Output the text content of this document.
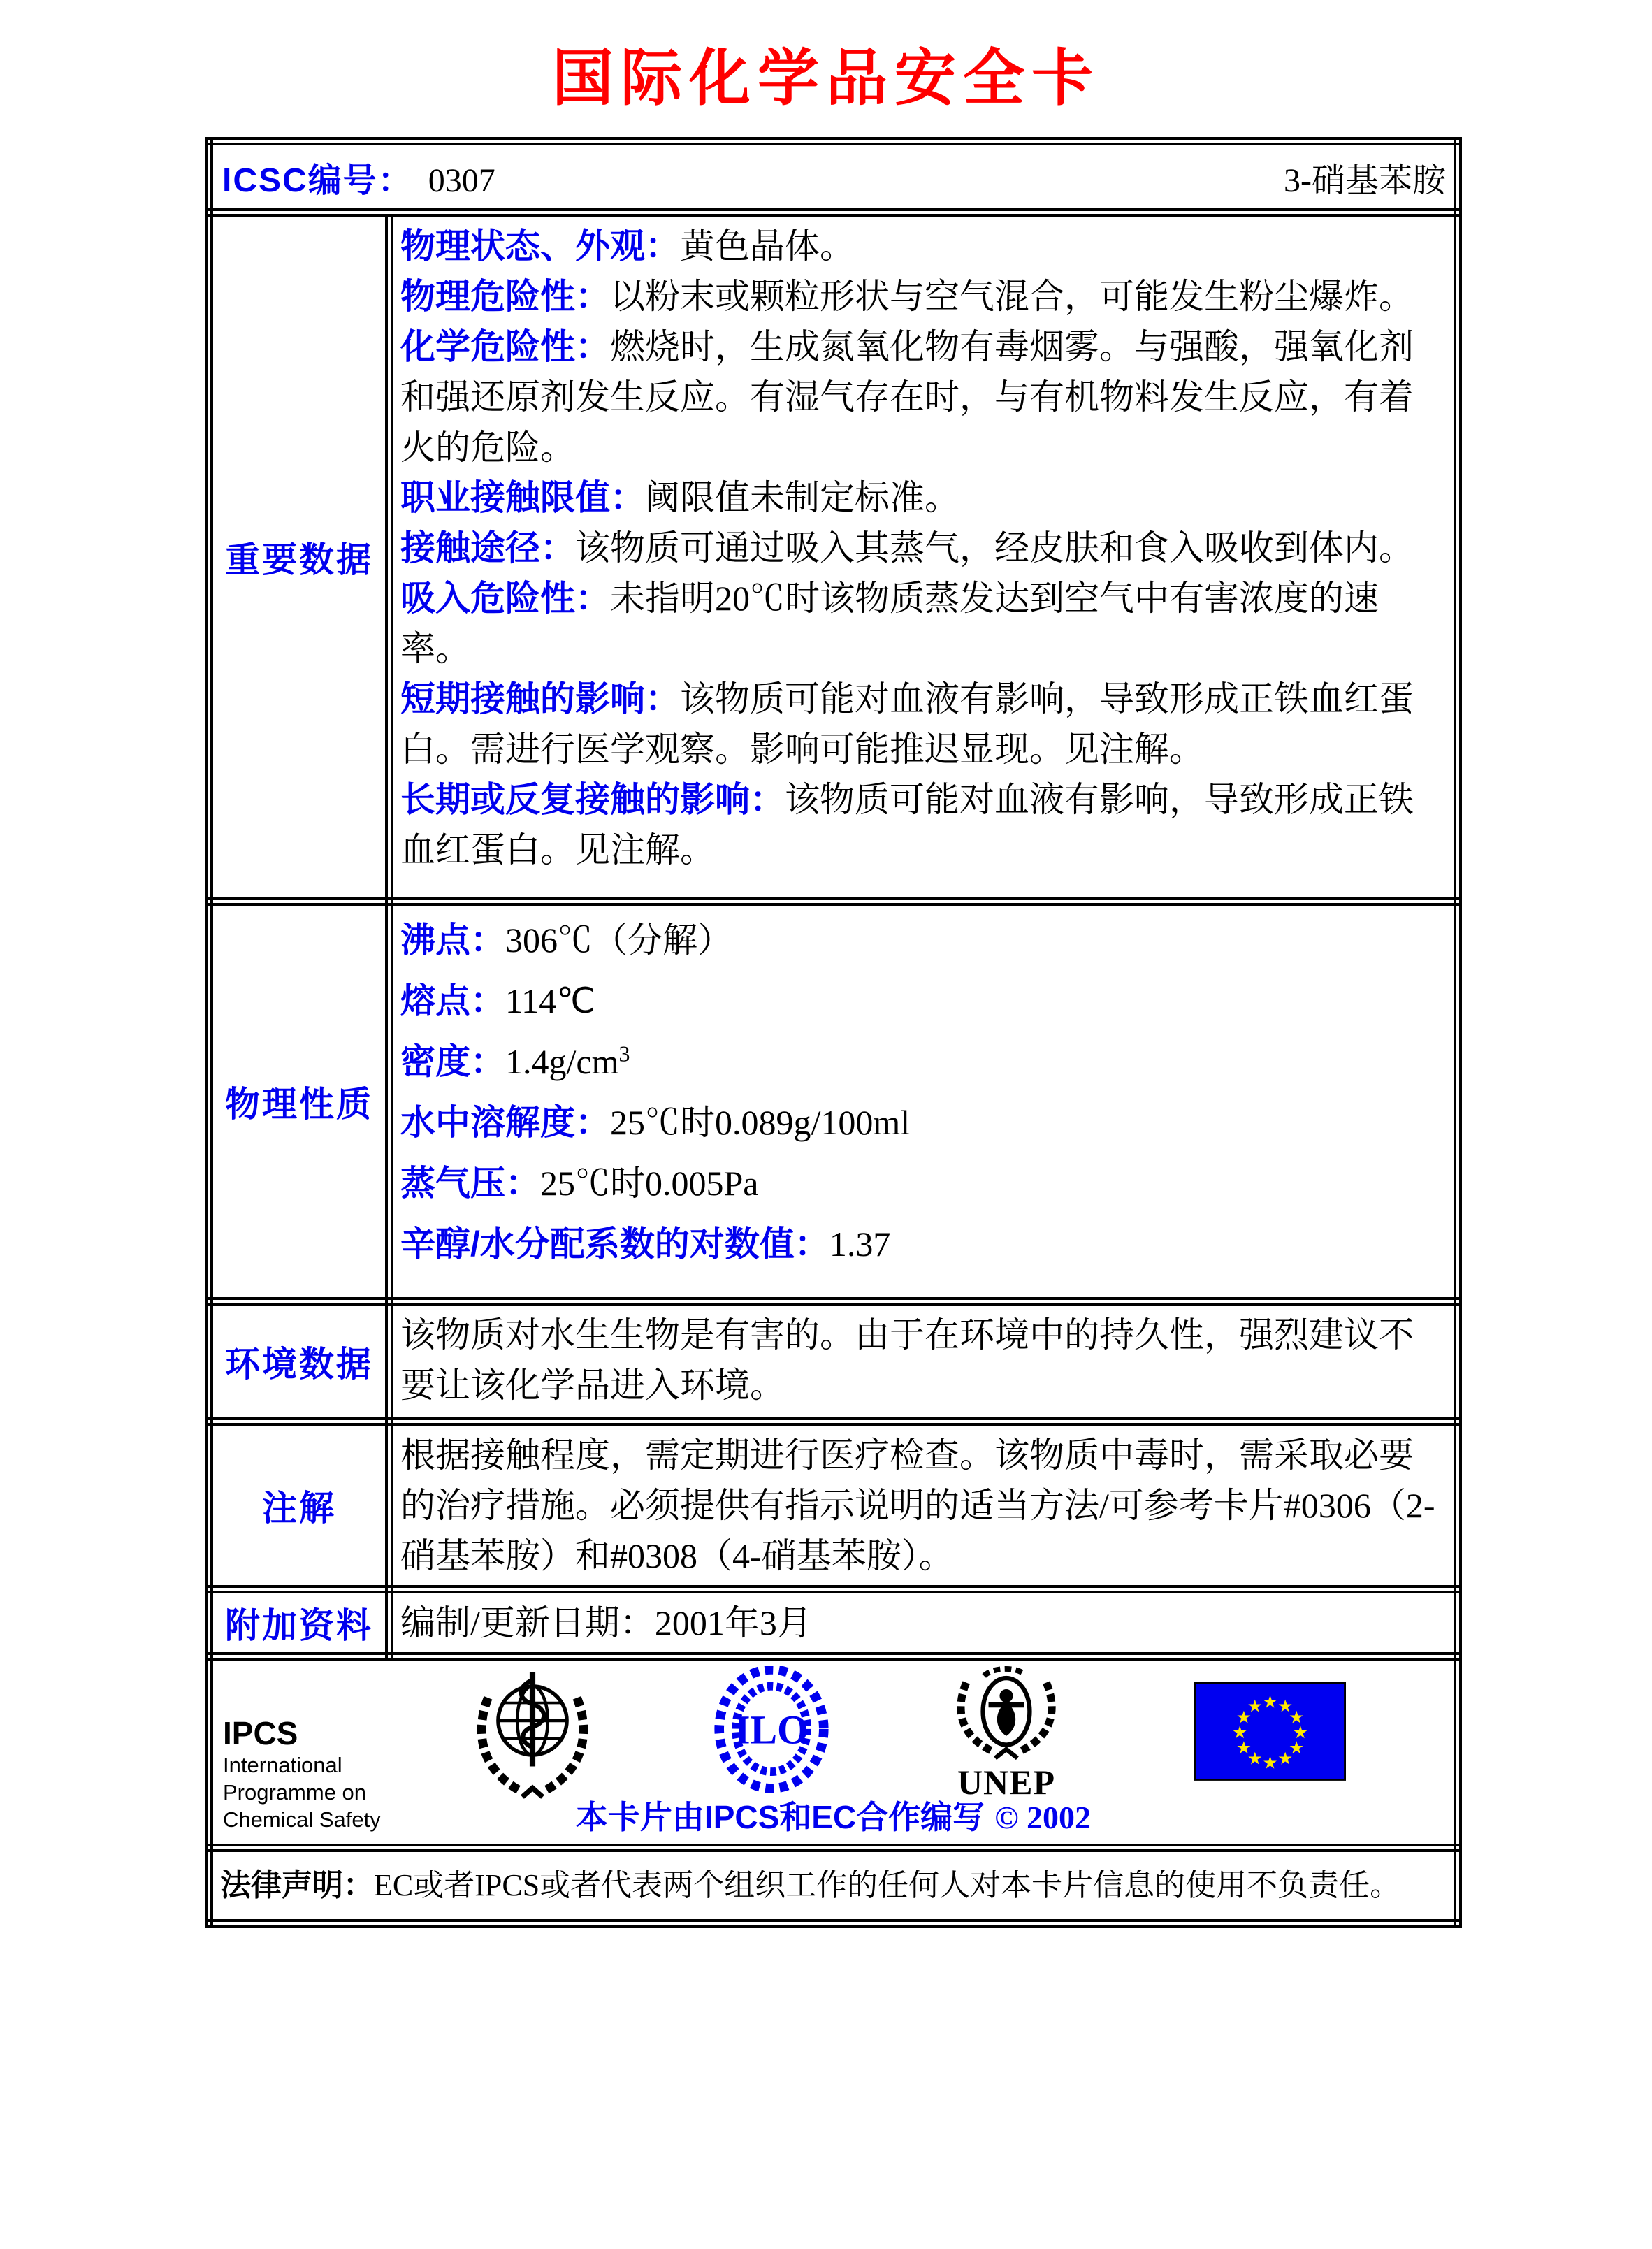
国际化学品安全卡
ICSC编号： 0307 3-硝基苯胺	

重要数据	
物理状态、外观：黄色晶体。
物理危险性：以粉末或颗粒形状与空气混合，可能发生粉尘爆炸。
化学危险性：燃烧时，生成氮氧化物有毒烟雾。与强酸，强氧化剂和强还原剂发生反应。有湿气存在时，与有机物料发生反应，有着火的危险。
职业接触限值：阈限值未制定标准。
接触途径：该物质可通过吸入其蒸气，经皮肤和食入吸收到体内。
吸入危险性：未指明20℃时该物质蒸发达到空气中有害浓度的速率。
短期接触的影响：该物质可能对血液有影响，导致形成正铁血红蛋白。需进行医学观察。影响可能推迟显现。见注解。
长期或反复接触的影响：该物质可能对血液有影响，导致形成正铁血红蛋白。见注解。

物理性质	
沸点：306℃（分解）
熔点：114℃
密度：$1.4g/cm^3$
水中溶解度：25℃时0.089g/100ml
蒸气压：25℃时0.005Pa
辛醇/水分配系数的对数值：1.37

环境数据	该物质对水生生物是有害的。由于在环境中的持久性，强烈建议不要让该化学品进入环境。
注解	根据接触程度，需定期进行医疗检查。该物质中毒时，需采取必要的治疗措施。必须提供有指示说明的适当方法/可参考卡片#0306（2-硝基苯胺）和#0308（4-硝基苯胺）。
附加资料	编制/更新日期：2001年3月

IPCS
International
Programme on
Chemical Safety
ILO
UNEP
★ ★
★
★
★
★
★
★
★
★
★
★
本卡片由IPCS和EC合作编写 © 2002

法律声明：EC或者IPCS或者代表两个组织工作的任何人对本卡片信息的使用不负责任。	
